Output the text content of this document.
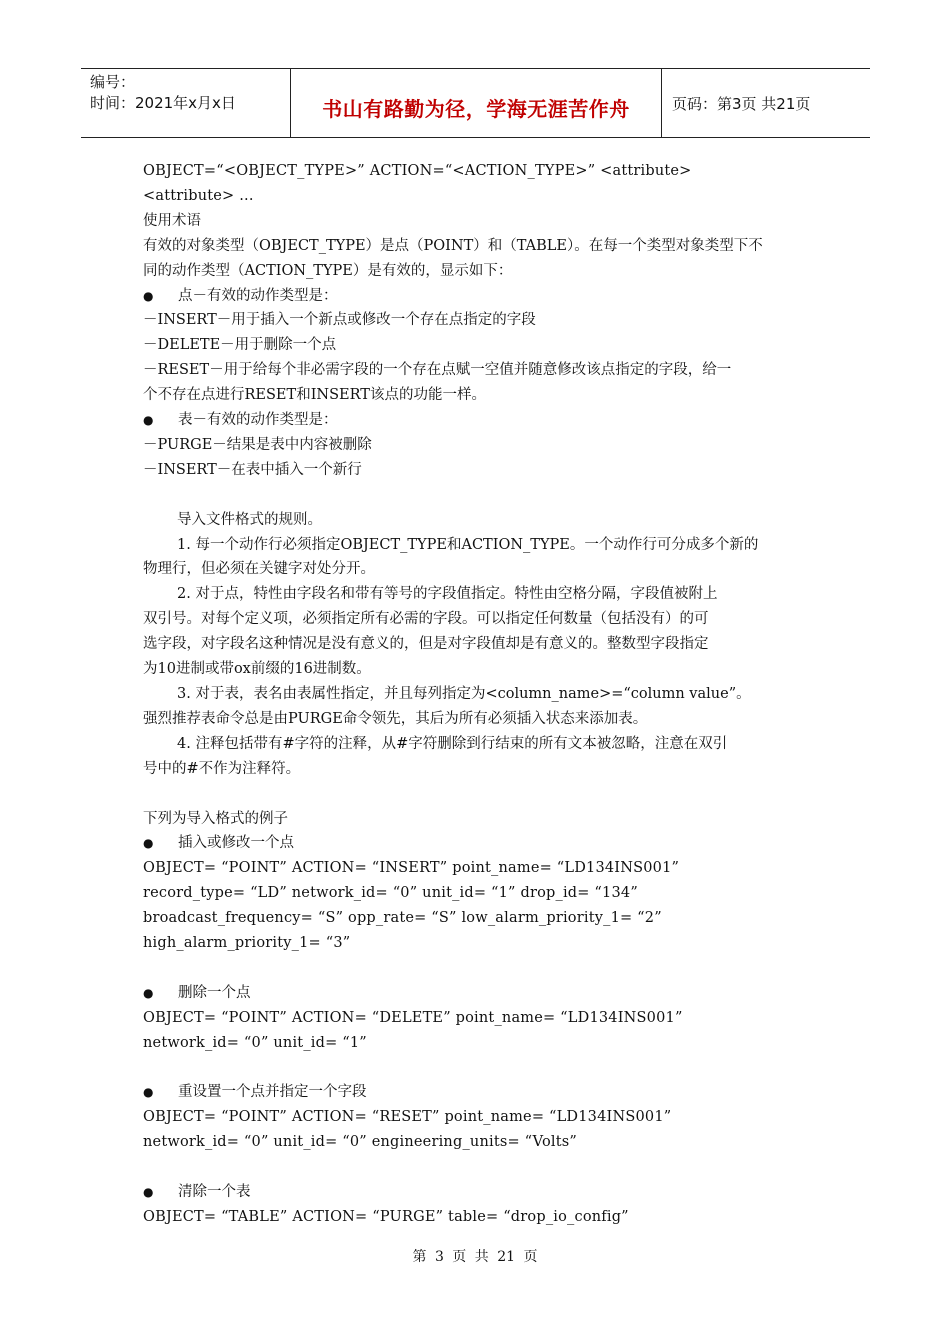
编号：
时间：2021年x月x日	书山有路勤为径，学海无涯苦作舟	页码：第3页 共21页

OBJECT=“<OBJECT_TYPE>” ACTION=“<ACTION_TYPE>” <attribute>

<attribute> ...

使用术语

有效的对象类型（OBJECT_TYPE）是点（POINT）和（TABLE）。在每一个类型对象类型下不

同的动作类型（ACTION_TYPE）是有效的，显示如下：

●	点－有效的动作类型是：

－INSERT－用于插入一个新点或修改一个存在点指定的字段

－DELETE－用于删除一个点

－RESET－用于给每个非必需字段的一个存在点赋一空值并随意修改该点指定的字段，给一

个不存在点进行RESET和INSERT该点的功能一样。

●	表－有效的动作类型是：

－PURGE－结果是表中内容被删除

－INSERT－在表中插入一个新行

导入文件格式的规则。

1. 每一个动作行必须指定OBJECT_TYPE和ACTION_TYPE。一个动作行可分成多个新的

物理行，但必须在关键字对处分开。

2. 对于点，特性由字段名和带有等号的字段值指定。特性由空格分隔，字段值被附上

双引号。对每个定义项，必须指定所有必需的字段。可以指定任何数量（包括没有）的可

选字段，对字段名这种情况是没有意义的，但是对字段值却是有意义的。整数型字段指定

为10进制或带ox前缀的16进制数。

3. 对于表，表名由表属性指定，并且每列指定为<column_name>=“column value”。

强烈推荐表命令总是由PURGE命令领先，其后为所有必须插入状态来添加表。

4. 注释包括带有#字符的注释，从#字符删除到行结束的所有文本被忽略，注意在双引

号中的#不作为注释符。

下列为导入格式的例子

●	插入或修改一个点

OBJECT= “POINT” ACTION= “INSERT” point_name= “LD134INS001”

record_type= “LD” network_id= “0” unit_id= “1” drop_id= “134”

broadcast_frequency= “S” opp_rate= “S” low_alarm_priority_1= “2”

high_alarm_priority_1= “3”

●	删除一个点

OBJECT= “POINT” ACTION= “DELETE” point_name= “LD134INS001”

network_id= “0” unit_id= “1”

●	重设置一个点并指定一个字段

OBJECT= “POINT” ACTION= “RESET” point_name= “LD134INS001”

network_id= “0” unit_id= “0” engineering_units= “Volts”

●	清除一个表

OBJECT= “TABLE” ACTION= “PURGE” table= “drop_io_config”

第 3 页 共 21 页
